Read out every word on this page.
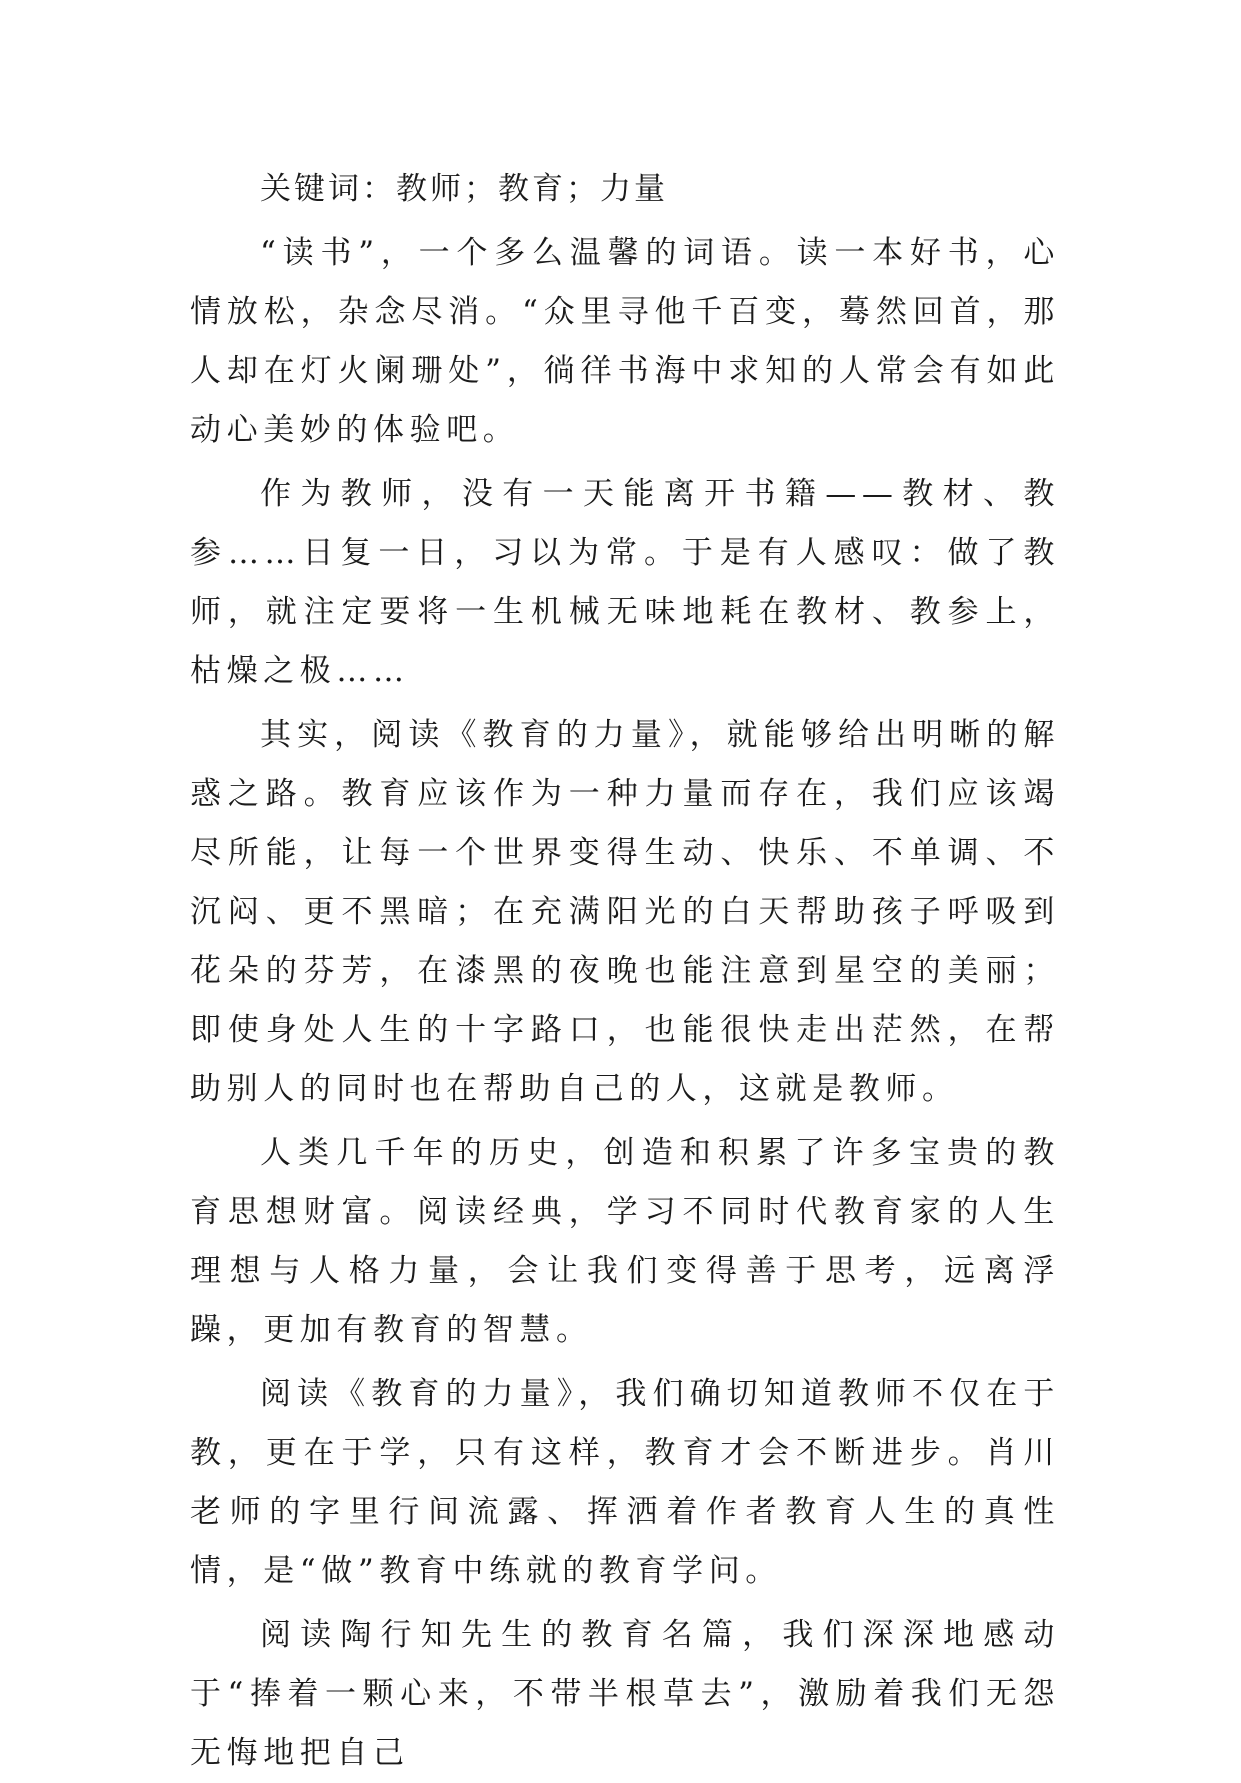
关键词：教师；教育；力量

“读书”，一个多么温馨的词语。读一本好书，心情放松，杂念尽消。“众里寻他千百变，蓦然回首，那人却在灯火阑珊处”，徜徉书海中求知的人常会有如此动心美妙的体验吧。

作为教师，没有一天能离开书籍——教材、教参……日复一日，习以为常。于是有人感叹：做了教师，就注定要将一生机械无味地耗在教材、教参上，枯燥之极……

其实，阅读《教育的力量》，就能够给出明晰的解惑之路。教育应该作为一种力量而存在，我们应该竭尽所能，让每一个世界变得生动、快乐、不单调、不沉闷、更不黑暗；在充满阳光的白天帮助孩子呼吸到花朵的芬芳，在漆黑的夜晚也能注意到星空的美丽；即使身处人生的十字路口，也能很快走出茫然，在帮助别人的同时也在帮助自己的人，这就是教师。

人类几千年的历史，创造和积累了许多宝贵的教育思想财富。阅读经典，学习不同时代教育家的人生理想与人格力量，会让我们变得善于思考，远离浮躁，更加有教育的智慧。

阅读《教育的力量》，我们确切知道教师不仅在于教，更在于学，只有这样，教育才会不断进步。肖川老师的字里行间流露、挥洒着作者教育人生的真性情，是“做”教育中练就的教育学问。

阅读陶行知先生的教育名篇，我们深深地感动于“捧着一颗心来，不带半根草去”，激励着我们无怨无悔地把自己
